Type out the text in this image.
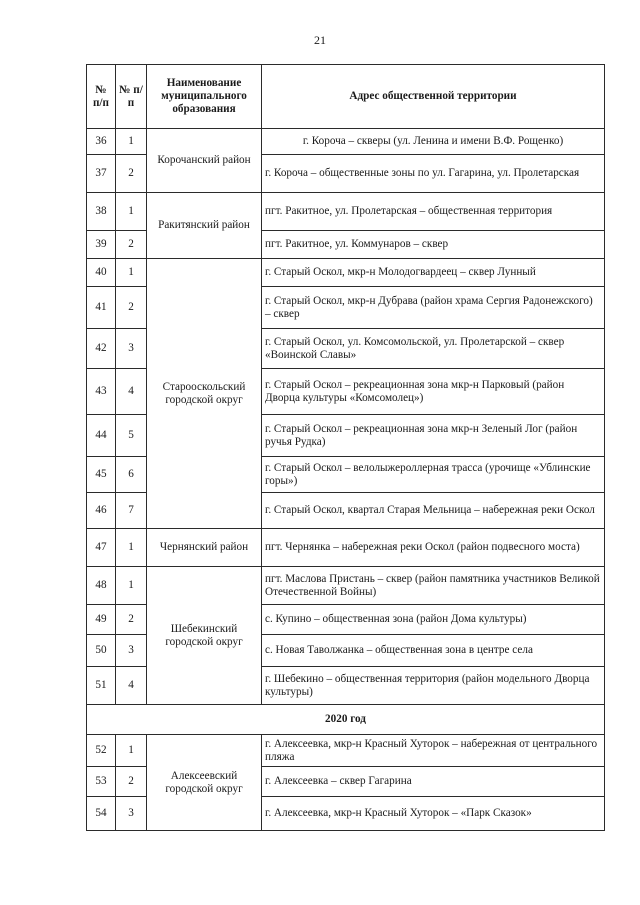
21
№ п/п	№ п/п	Наименование муниципального образования	Адрес общественной территории
36	1	Корочанский район	г. Короча – скверы (ул. Ленина и имени В.Ф. Рощенко)
37	2		г. Короча – общественные зоны по ул. Гагарина, ул. Пролетарская
38	1	Ракитянский район	пгт. Ракитное, ул. Пролетарская – общественная территория
39	2		пгт. Ракитное, ул. Коммунаров – сквер
40	1	Старооскольский городской округ	г. Старый Оскол, мкр-н Молодогвардеец – сквер Лунный
41	2		г. Старый Оскол, мкр-н Дубрава (район храма Сергия Радонежского) – сквер
42	3		г. Старый Оскол, ул. Комсомольской, ул. Пролетарской – сквер «Воинской Славы»
43	4		г. Старый Оскол – рекреационная зона мкр-н Парковый (район Дворца культуры «Комсомолец»)
44	5		г. Старый Оскол – рекреационная зона мкр-н Зеленый Лог (район ручья Рудка)
45	6		г. Старый Оскол – велолыжероллерная трасса (урочище «Ублинские горы»)
46	7		г. Старый Оскол, квартал Старая Мельница – набережная реки Оскол
47	1	Чернянский район	пгт. Чернянка – набережная реки Оскол (район подвесного моста)
48	1	Шебекинский городской округ	пгт. Маслова Пристань – сквер (район памятника участников Великой Отечественной Войны)
49	2		с. Купино – общественная зона (район Дома культуры)
50	3		с. Новая Таволжанка – общественная зона в центре села
51	4		г. Шебекино – общественная территория (район модельного Дворца культуры)
2020 год			
52	1	Алексеевский городской округ	г. Алексеевка, мкр-н Красный Хуторок – набережная от центрального пляжа
53	2		г. Алексеевка – сквер Гагарина
54	3		г. Алексеевка, мкр-н Красный Хуторок – «Парк Сказок»
